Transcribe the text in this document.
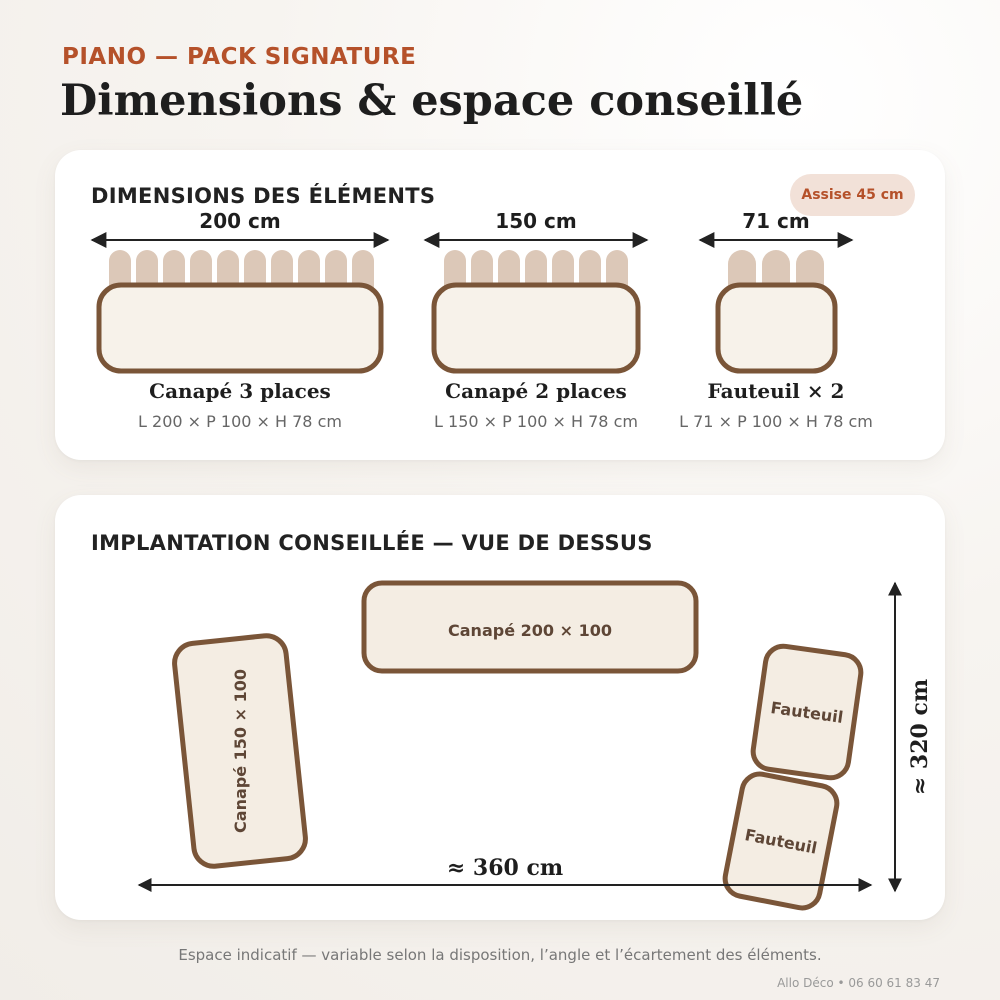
PIANO — PACK SIGNATURE
Dimensions & espace conseillé
DIMENSIONS DES ÉLÉMENTS	Assise 45 cm
200 cm
Canapé 3 places
L 200 × P 100 × H 78 cm
150 cm
Canapé 2 places
L 150 × P 100 × H 78 cm
71 cm
Fauteuil × 2
L 71 × P 100 × H 78 cm
IMPLANTATION CONSEILLÉE — VUE DE DESSUS
Canapé 200 × 100
Canapé 150 × 100	Fauteuil
Fauteuil
≈ 360 cm
≈ 320 cm
Espace indicatif — variable selon la disposition, l’angle et l’écartement des éléments.
Allo Déco • 06 60 61 83 47
